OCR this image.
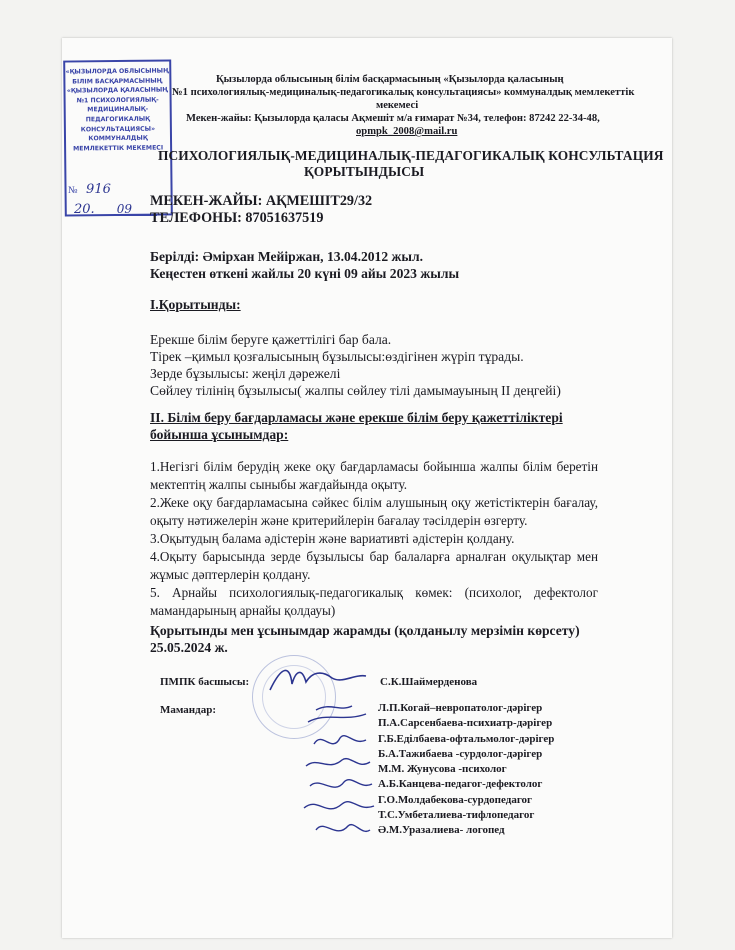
«ҚЫЗЫЛОРДА ОБЛЫСЫНЫҢ
БІЛІМ БАСҚАРМАСЫНЫҢ
«ҚЫЗЫЛОРДА ҚАЛАСЫНЫҢ
№1 ПСИХОЛОГИЯЛЫҚ-
МЕДИЦИНАЛЫҚ-
ПЕДАГОГИКАЛЫҚ
КОНСУЛЬТАЦИЯСЫ»
КОММУНАЛДЫҚ
МЕМЛЕКЕТТІК МЕКЕМЕСІ
№ 916
20. 09
Қызылорда облысының білім басқармасының «Қызылорда қаласының
№1 психологиялық-медициналық-педагогикалық консультациясы» коммуналдық мемлекеттік
мекемесі
Мекен-жайы: Қызылорда қаласы Ақмешіт м/а ғимарат №34, телефон: 87242 22-34-48,
opmpk_2008@mail.ru
ПСИХОЛОГИЯЛЫҚ-МЕДИЦИНАЛЫҚ-ПЕДАГОГИКАЛЫҚ КОНСУЛЬТАЦИЯ
ҚОРЫТЫНДЫСЫ
МЕКЕН-ЖАЙЫ: АҚМЕШІТ29/32
ТЕЛЕФОНЫ: 87051637519
Берілді: Әмірхан Мейіржан, 13.04.2012 жыл.
Кеңестен өткені жайлы 20 күні 09 айы 2023 жылы
І.Қорытынды:
Ерекше білім беруге қажеттілігі бар бала.
Тірек –қимыл қозғалысының бұзылысы:өздігінен жүріп тұрады.
Зерде бұзылысы: жеңіл дәрежелі
Сөйлеу тілінің бұзылысы( жалпы сөйлеу тілі дамымауының ІІ деңгейі)
ІІ. Білім беру бағдарламасы және ерекше білім беру қажеттіліктері
бойынша ұсынымдар:
1.Негізгі білім берудің жеке оқу бағдарламасы бойынша жалпы білім беретін мектептің жалпы сыныбы жағдайында оқыту.
2.Жеке оқу бағдарламасына сәйкес білім алушының оқу жетістіктерін бағалау, оқыту нәтижелерін және критерийлерін бағалау тәсілдерін өзгерту.
3.Оқытудың балама әдістерін және вариативті әдістерін қолдану.
4.Оқыту барысында зерде бұзылысы бар балаларға арналған оқулықтар мен жұмыс дәптерлерін қолдану.
5. Арнайы психологиялық-педагогикалық көмек: (психолог, дефектолог мамандарының арнайы қолдауы)
Қорытынды мен ұсынымдар жарамды (қолданылу мерзімін көрсету)
25.05.2024 ж.
ПМПК басшысы:	С.К.Шаймерденова
Мамандар:	Л.П.Когай–невропатолог-дәрігер
П.А.Сарсенбаева-психиатр-дәрігер
Г.Б.Еділбаева-офтальмолог-дәрігер
Б.А.Тажибаева -сурдолог-дәрігер
М.М. Жунусова -психолог
А.Б.Канцева-педагог-дефектолог
Г.О.Молдабекова-сурдопедагог
Т.С.Умбеталиева-тифлопедагог
Ә.М.Уразалиева- логопед
